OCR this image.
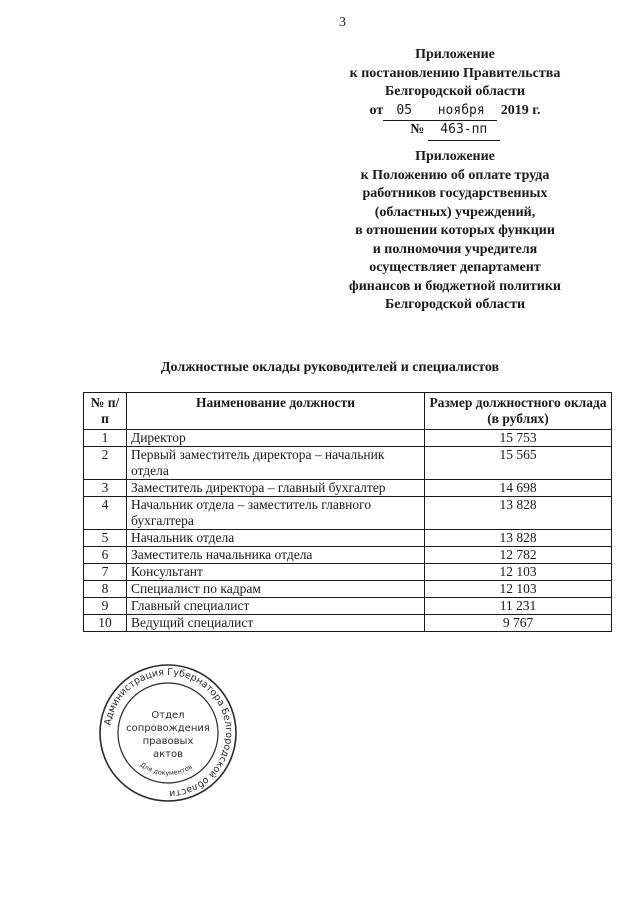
3
Приложение
к постановлению Правительства
Белгородской области
от 05 ноября 2019 г.
№ 463-пп
Приложение
к Положению об оплате труда
работников государственных
(областных) учреждений,
в отношении которых функции
и полномочия учредителя
осуществляет департамент
финансов и бюджетной политики
Белгородской области
Должностные оклады руководителей и специалистов
№ п/п	Наименование должности	Размер должностного оклада (в рублях)
1	Директор	15 753
2	Первый заместитель директора – начальник отдела	15 565
3	Заместитель директора – главный бухгалтер	14 698
4	Начальник отдела – заместитель главного бухгалтера	13 828
5	Начальник отдела	13 828
6	Заместитель начальника отдела	12 782
7	Консультант	12 103
8	Специалист по кадрам	12 103
9	Главный специалист	11 231
10	Ведущий специалист	9 767
Администрация Губернатора Белгородской области
Для документов
Отдел
сопровождения
правовых
актов
